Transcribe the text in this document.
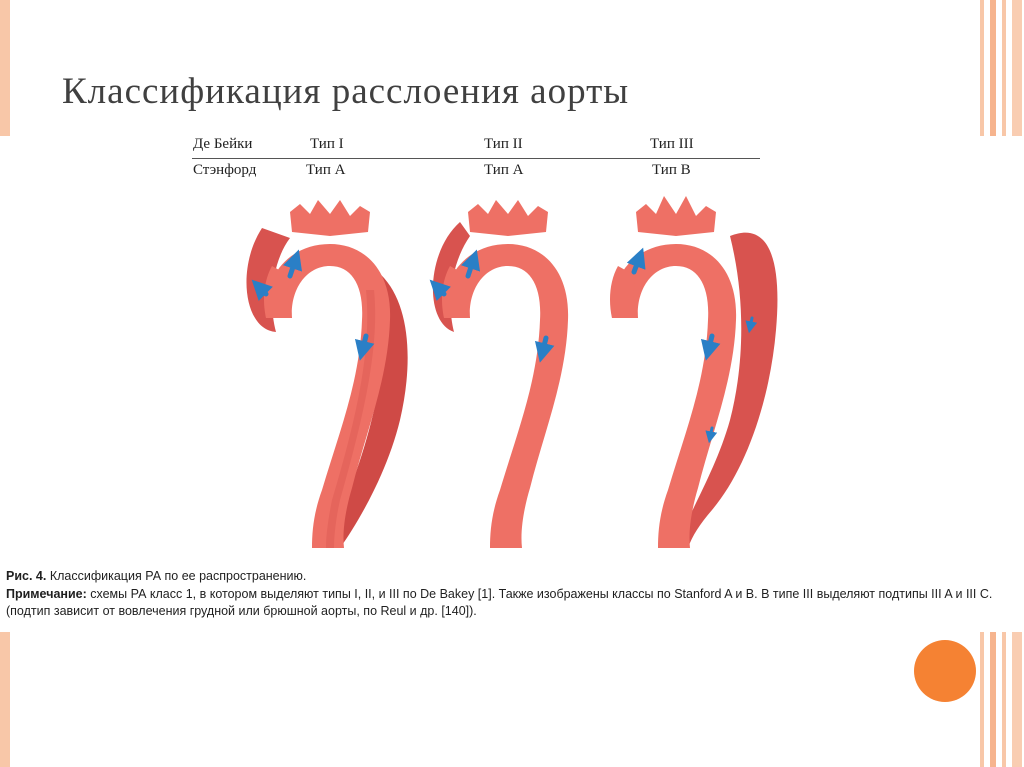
Классификация расслоения аорты
Де Бейки	Тип I	Тип II	Тип III
Стэнфорд	Тип A	Тип A	Тип B

Рис. 4. Классификация РА по ее распространению.

Примечание: схемы РА класс 1, в котором выделяют типы I, II, и III по De Bakey [1]. Также изображены классы по Stanford A и B. В типе III выделяют подтипы III A и III C. (подтип зависит от вовлечения грудной или брюшной аорты, по Reul и др. [140]).
